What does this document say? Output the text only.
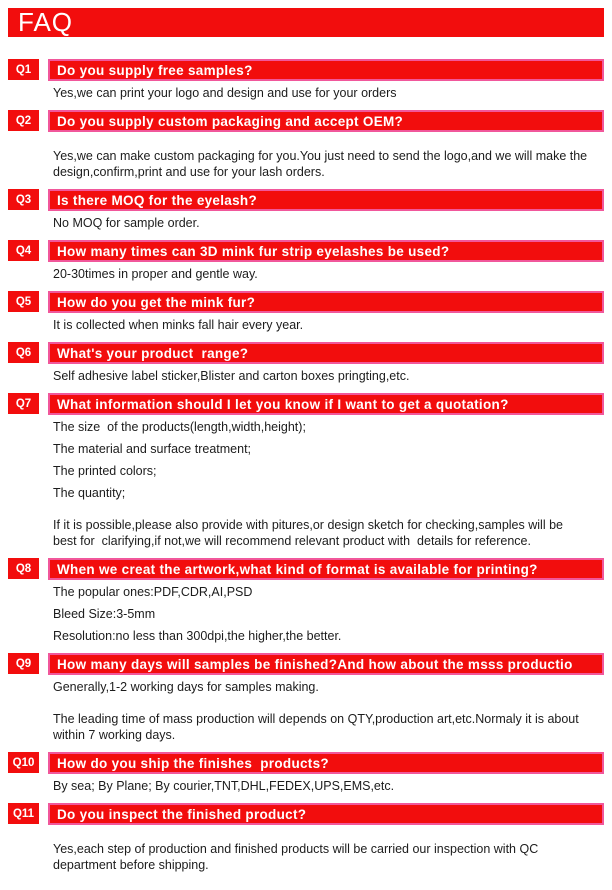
FAQ
Q1	Do you supply free samples?

Yes,we can print your logo and design and use for your orders

Q2	Do you supply custom packaging and accept OEM?

Yes,we can make custom packaging for you.You just need to send the logo,and we will make the design,confirm,print and use for your lash orders.

Q3	Is there MOQ for the eyelash?

No MOQ for sample order.

Q4	How many times can 3D mink fur strip eyelashes be used?

20-30times in proper and gentle way.

Q5	How do you get the mink fur?

It is collected when minks fall hair every year.

Q6	What's your product  range?

Self adhesive label sticker,Blister and carton boxes pringting,etc.

Q7	What information should I let you know if I want to get a quotation?

The size  of the products(length,width,height);

The material and surface treatment;

The printed colors;

The quantity;

If it is possible,please also provide with pitures,or design sketch for checking,samples will be best for  clarifying,if not,we will recommend relevant product with  details for reference.

Q8	When we creat the artwork,what kind of format is available for printing?

The popular ones:PDF,CDR,AI,PSD

Bleed Size:3-5mm

Resolution:no less than 300dpi,the higher,the better.

Q9	How many days will samples be finished?And how about the msss productio

Generally,1-2 working days for samples making.

The leading time of mass production will depends on QTY,production art,etc.Normaly it is about within 7 working days.

Q10	How do you ship the finishes  products?

By sea; By Plane; By courier,TNT,DHL,FEDEX,UPS,EMS,etc.

Q11	Do you inspect the finished product?

Yes,each step of production and finished products will be carried our inspection with QC department before shipping.
